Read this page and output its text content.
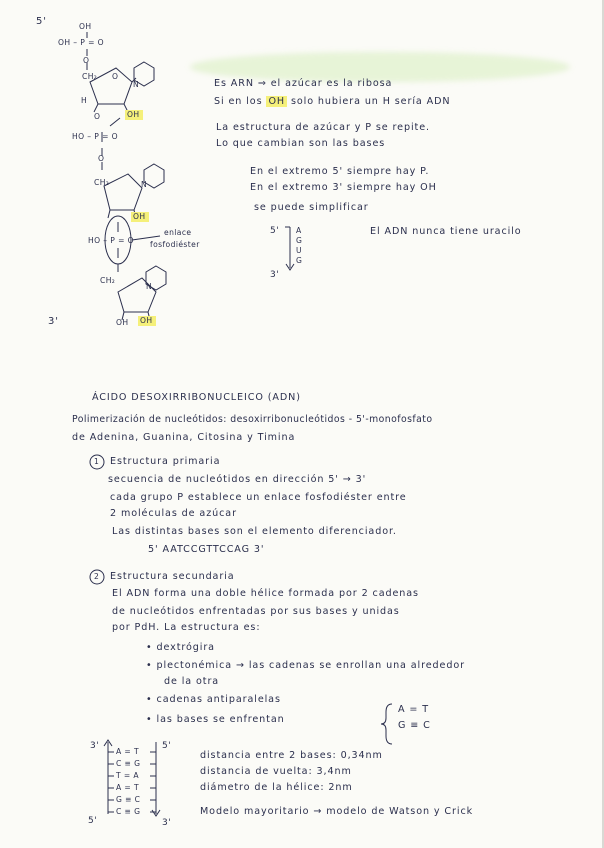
5'	OH
OH – P = O
O
CH₂ O
N
H
O	OH
HO – P = O
O
CH₂	N
OH
HO – P = O
enlace
fosfodiéster
CH₂
N
OH OH
3'
Es ARN ⇒ el azúcar es la ribosa
Si en los OH solo hubiera un H sería ADN
La estructura de azúcar y P se repite.
Lo que cambian son las bases
En el extremo 5' siempre hay P.
En el extremo 3' siempre hay OH
se puede simplificar
5' A
G
U
G
3'
El ADN nunca tiene uracilo
ÁCIDO DESOXIRRIBONUCLEICO (ADN)
Polimerización de nucleótidos: desoxirribonucleótidos - 5'-monofosfato
de Adenina, Guanina, Citosina y Timina
1 Estructura primaria
secuencia de nucleótidos en dirección 5' → 3'
cada grupo P establece un enlace fosfodiéster entre
2 moléculas de azúcar
Las distintas bases son el elemento diferenciador.
5' AATCCGTTCCAG 3'
2 Estructura secundaria
El ADN forma una doble hélice formada por 2 cadenas
de nucleótidos enfrentadas por sus bases y unidas
por PdH. La estructura es:
• dextrógira
• plectonémica → las cadenas se enrollan una alrededor
de la otra
• cadenas antiparalelas
• las bases se enfrentan
A = T
G ≡ C
3'	5'
A = T
C ≡ G
T = A
A = T
G ≡ C
C ≡ G
5'	3'
distancia entre 2 bases: 0,34nm
distancia de vuelta: 3,4nm
diámetro de la hélice: 2nm
Modelo mayoritario → modelo de Watson y Crick
